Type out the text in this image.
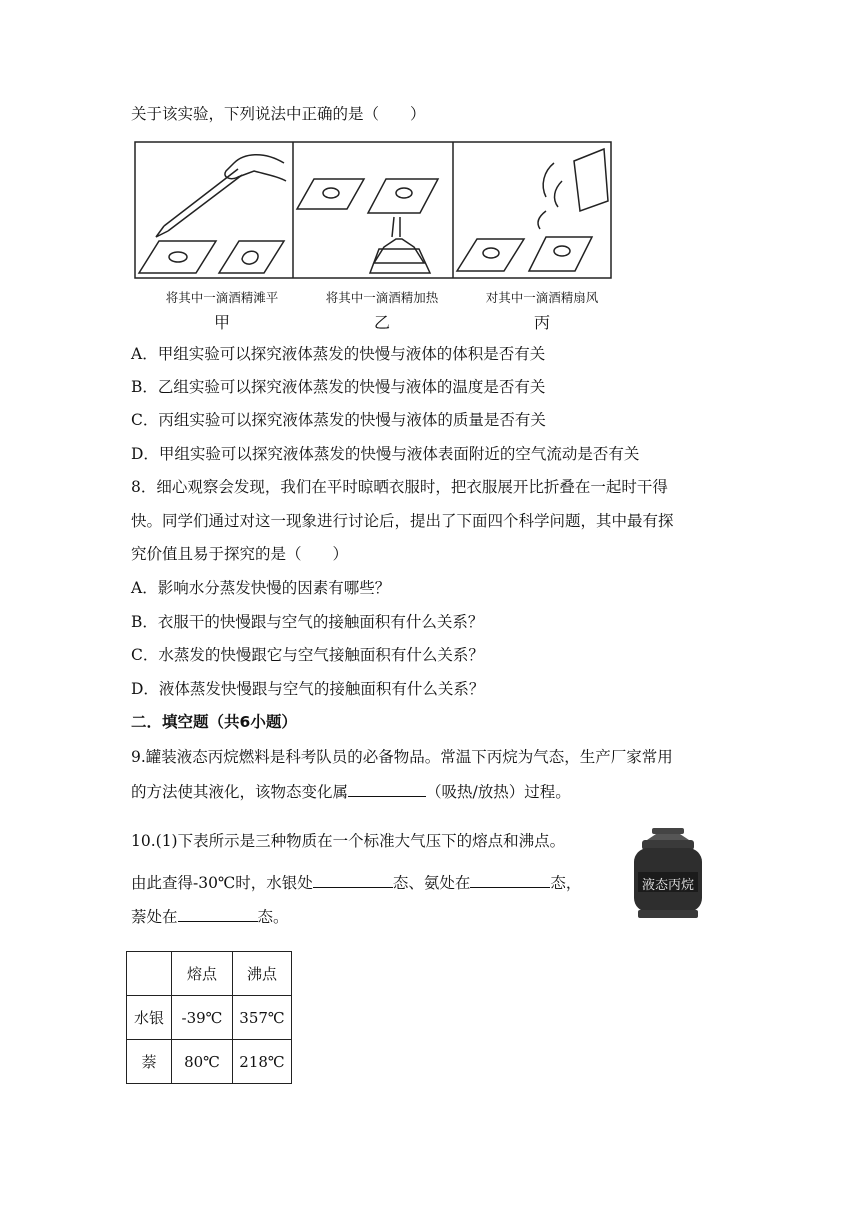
关于该实验，下列说法中正确的是（　　）
将其中一滴酒精滩平	将其中一滴酒精加热	对其中一滴酒精扇风
甲	乙	丙
A．甲组实验可以探究液体蒸发的快慢与液体的体积是否有关
B．乙组实验可以探究液体蒸发的快慢与液体的温度是否有关
C．丙组实验可以探究液体蒸发的快慢与液体的质量是否有关
D．甲组实验可以探究液体蒸发的快慢与液体表面附近的空气流动是否有关
8．细心观察会发现，我们在平时晾晒衣服时，把衣服展开比折叠在一起时干得
快。同学们通过对这一现象进行讨论后，提出了下面四个科学问题，其中最有探
究价值且易于探究的是（　　）
A．影响水分蒸发快慢的因素有哪些？
B．衣服干的快慢跟与空气的接触面积有什么关系？
C．水蒸发的快慢跟它与空气接触面积有什么关系？
D．液体蒸发快慢跟与空气的接触面积有什么关系？
二．填空题（共6小题）
9.罐装液态丙烷燃料是科考队员的必备物品。常温下丙烷为气态，生产厂家常用
的方法使其液化，该物态变化属	（吸热/放热）过程。
10.(1)下表所示是三种物质在一个标准大气压下的熔点和沸点。
由此查得-30℃时，水银处	态、氨处在	态，
萘处在	态。
液态丙烷
	熔点	沸点
水银	-39℃	357℃
萘	80℃	218℃
